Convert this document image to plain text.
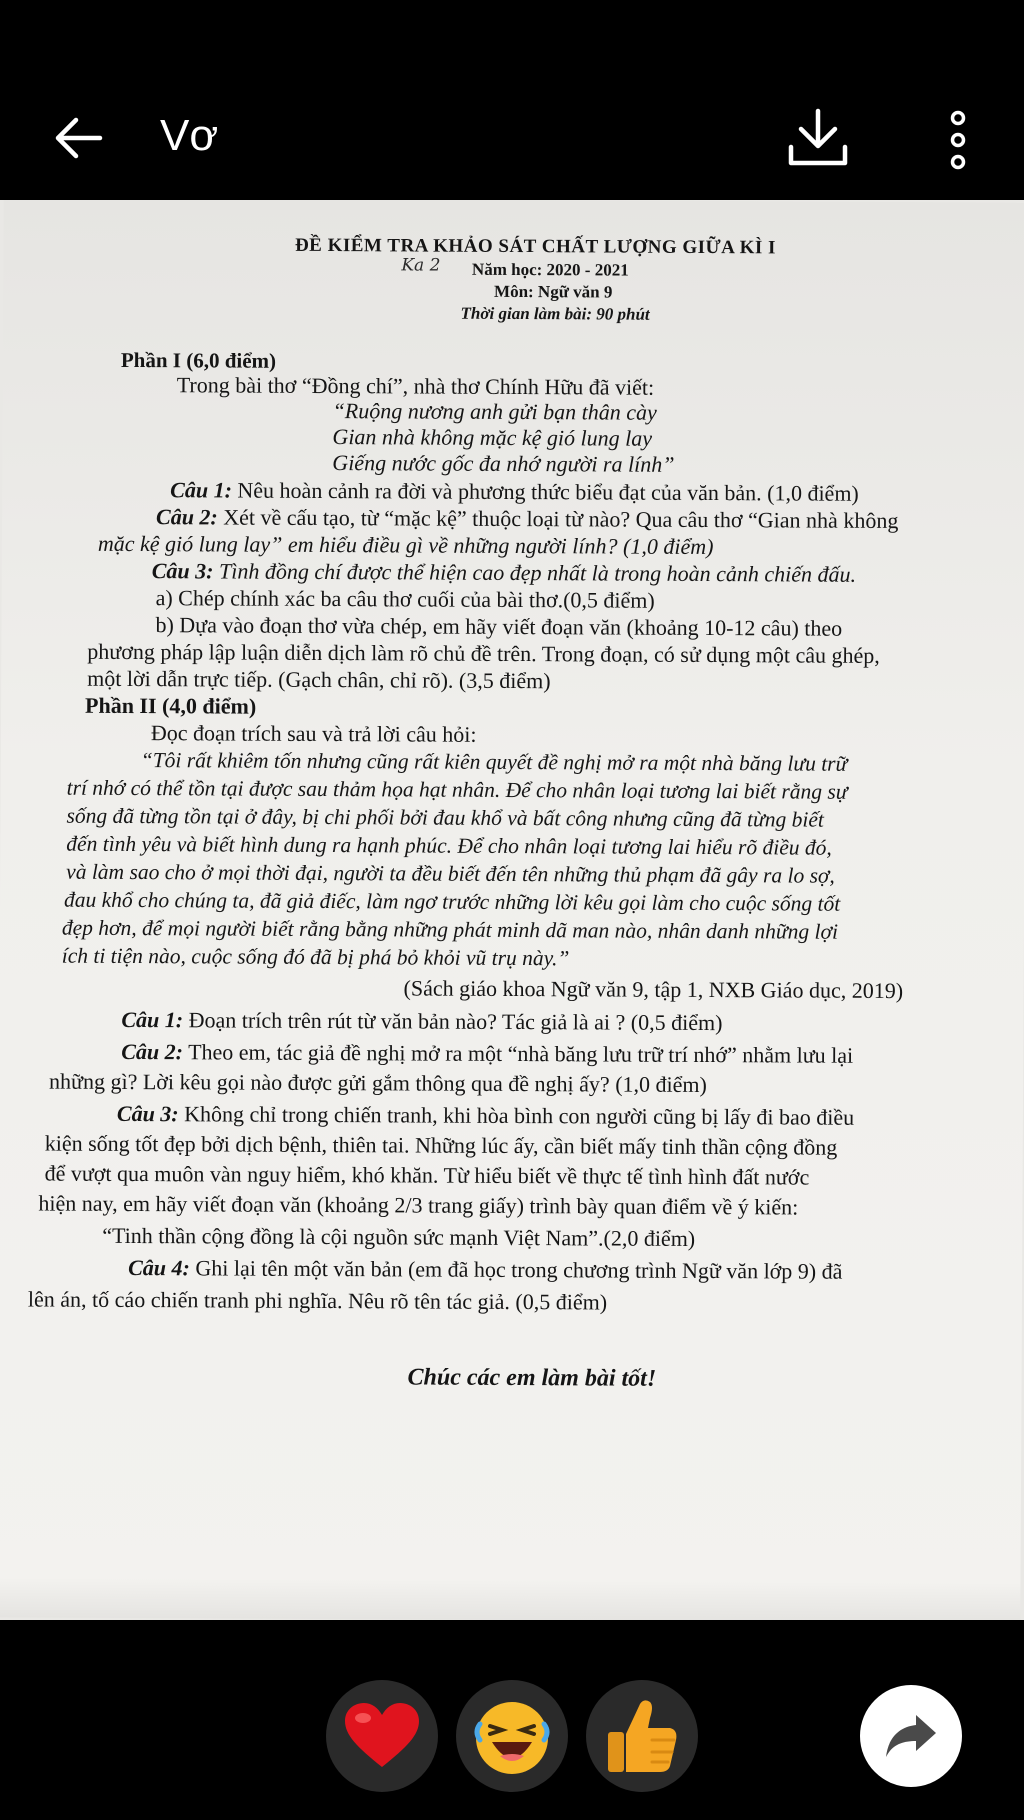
Vơ
ĐỀ KIỂM TRA KHẢO SÁT CHẤT LƯỢNG GIỮA KÌ I
Ka 2	Năm học: 2020 - 2021
Môn: Ngữ văn 9
Thời gian làm bài: 90 phút
Phần I (6,0 điểm)
Trong bài thơ “Đồng chí”, nhà thơ Chính Hữu đã viết:
“Ruộng nương anh gửi bạn thân cày
Gian nhà không mặc kệ gió lung lay
Giếng nước gốc đa nhớ người ra lính”
Câu 1: Nêu hoàn cảnh ra đời và phương thức biểu đạt của văn bản. (1,0 điểm)
Câu 2: Xét về cấu tạo, từ “mặc kệ” thuộc loại từ nào? Qua câu thơ “Gian nhà không
mặc kệ gió lung lay” em hiểu điều gì về những người lính? (1,0 điểm)
Câu 3: Tình đồng chí được thể hiện cao đẹp nhất là trong hoàn cảnh chiến đấu.
a) Chép chính xác ba câu thơ cuối của bài thơ.(0,5 điểm)
b) Dựa vào đoạn thơ vừa chép, em hãy viết đoạn văn (khoảng 10-12 câu) theo
phương pháp lập luận diễn dịch làm rõ chủ đề trên. Trong đoạn, có sử dụng một câu ghép,
một lời dẫn trực tiếp. (Gạch chân, chỉ rõ). (3,5 điểm)
Phần II (4,0 điểm)
Đọc đoạn trích sau và trả lời câu hỏi:
“Tôi rất khiêm tốn nhưng cũng rất kiên quyết đề nghị mở ra một nhà băng lưu trữ
trí nhớ có thể tồn tại được sau thảm họa hạt nhân. Để cho nhân loại tương lai biết rằng sự
sống đã từng tồn tại ở đây, bị chi phối bởi đau khổ và bất công nhưng cũng đã từng biết
đến tình yêu và biết hình dung ra hạnh phúc. Để cho nhân loại tương lai hiểu rõ điều đó,
và làm sao cho ở mọi thời đại, người ta đều biết đến tên những thủ phạm đã gây ra lo sợ,
đau khổ cho chúng ta, đã giả điếc, làm ngơ trước những lời kêu gọi làm cho cuộc sống tốt
đẹp hơn, để mọi người biết rằng bằng những phát minh dã man nào, nhân danh những lợi
ích ti tiện nào, cuộc sống đó đã bị phá bỏ khỏi vũ trụ này.”
(Sách giáo khoa Ngữ văn 9, tập 1, NXB Giáo dục, 2019)
Câu 1: Đoạn trích trên rút từ văn bản nào? Tác giả là ai ? (0,5 điểm)
Câu 2: Theo em, tác giả đề nghị mở ra một “nhà băng lưu trữ trí nhớ” nhằm lưu lại
những gì? Lời kêu gọi nào được gửi gắm thông qua đề nghị ấy? (1,0 điểm)
Câu 3: Không chỉ trong chiến tranh, khi hòa bình con người cũng bị lấy đi bao điều
kiện sống tốt đẹp bởi dịch bệnh, thiên tai. Những lúc ấy, cần biết mấy tinh thần cộng đồng
để vượt qua muôn vàn nguy hiểm, khó khăn. Từ hiểu biết về thực tế tình hình đất nước
hiện nay, em hãy viết đoạn văn (khoảng 2/3 trang giấy) trình bày quan điểm về ý kiến:
“Tinh thần cộng đồng là cội nguồn sức mạnh Việt Nam”.(2,0 điểm)
Câu 4: Ghi lại tên một văn bản (em đã học trong chương trình Ngữ văn lớp 9) đã
lên án, tố cáo chiến tranh phi nghĩa. Nêu rõ tên tác giả. (0,5 điểm)
Chúc các em làm bài tốt!
